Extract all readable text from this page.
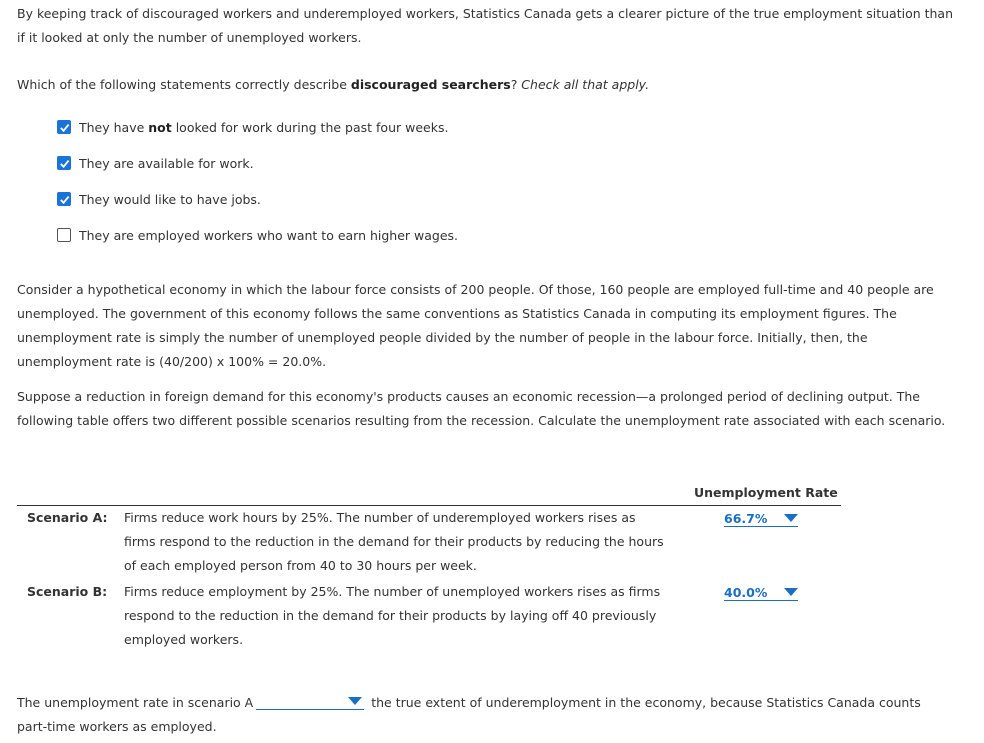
By keeping track of discouraged workers and underemployed workers, Statistics Canada gets a clearer picture of the true employment situation than if it looked at only the number of unemployed workers.

Which of the following statements correctly describe discouraged searchers? Check all that apply.

They have not looked for work during the past four weeks.
They are available for work.
They would like to have jobs.
They are employed workers who want to earn higher wages.

Consider a hypothetical economy in which the labour force consists of 200 people. Of those, 160 people are employed full-time and 40 people are unemployed. The government of this economy follows the same conventions as Statistics Canada in computing its employment figures. The unemployment rate is simply the number of unemployed people divided by the number of people in the labour force. Initially, then, the unemployment rate is (40/200) x 100% = 20.0%.

Suppose a reduction in foreign demand for this economy's products causes an economic recession—a prolonged period of declining output. The following table offers two different possible scenarios resulting from the recession. Calculate the unemployment rate associated with each scenario.

Unemployment Rate
Scenario A: Firms reduce work hours by 25%. The number of underemployed workers rises as firms respond to the reduction in the demand for their products by reducing the hours of each employed person from 40 to 30 hours per week.
66.7%
Scenario B: Firms reduce employment by 25%. The number of unemployed workers rises as firms respond to the reduction in the demand for their products by laying off 40 previously employed workers.
40.0%

The unemployment rate in scenario A	the true extent of underemployment in the economy, because Statistics Canada counts part-time workers as employed.
